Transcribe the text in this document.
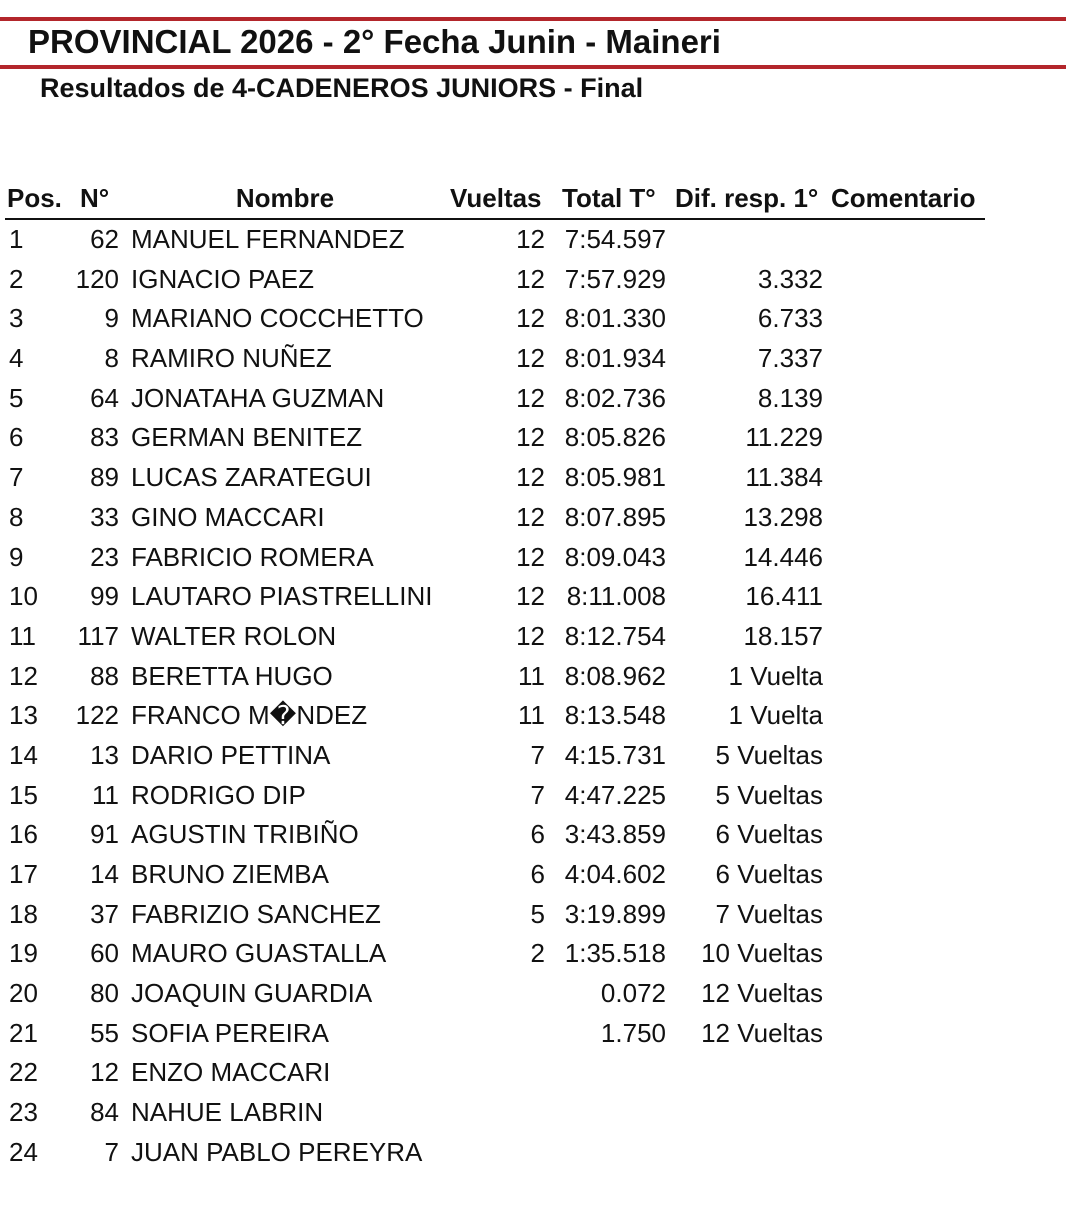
PROVINCIAL 2026 - 2° Fecha Junin - Maineri
Resultados de 4-CADENEROS JUNIORS - Final
Pos. N°	Nombre	Vueltas Total T° Dif. resp. 1° Comentario
1	62 MANUEL FERNANDEZ	12 7:54.597
2	120 IGNACIO PAEZ	12 7:57.929	3.332
3	9 MARIANO COCCHETTO	12 8:01.330	6.733
4	8 RAMIRO NUÑEZ	12 8:01.934	7.337
5	64 JONATAHA GUZMAN	12 8:02.736	8.139
6	83 GERMAN BENITEZ	12 8:05.826	11.229
7	89 LUCAS ZARATEGUI	12 8:05.981	11.384
8	33 GINO MACCARI	12 8:07.895	13.298
9	23 FABRICIO ROMERA	12 8:09.043	14.446
10	99 LAUTARO PIASTRELLINI	12 8:11.008	16.411
11	117 WALTER ROLON	12 8:12.754	18.157
12	88 BERETTA HUGO	11 8:08.962	1 Vuelta
13	122 FRANCO M�NDEZ	11 8:13.548	1 Vuelta
14	13 DARIO PETTINA	7 4:15.731	5 Vueltas
15	11 RODRIGO DIP	7 4:47.225	5 Vueltas
16	91 AGUSTIN TRIBIÑO	6 3:43.859	6 Vueltas
17	14 BRUNO ZIEMBA	6 4:04.602	6 Vueltas
18	37 FABRIZIO SANCHEZ	5 3:19.899	7 Vueltas
19	60 MAURO GUASTALLA	2 1:35.518	10 Vueltas
20	80 JOAQUIN GUARDIA	0.072	12 Vueltas
21	55 SOFIA PEREIRA	1.750	12 Vueltas
22	12 ENZO MACCARI
23	84 NAHUE LABRIN
24	7 JUAN PABLO PEREYRA
